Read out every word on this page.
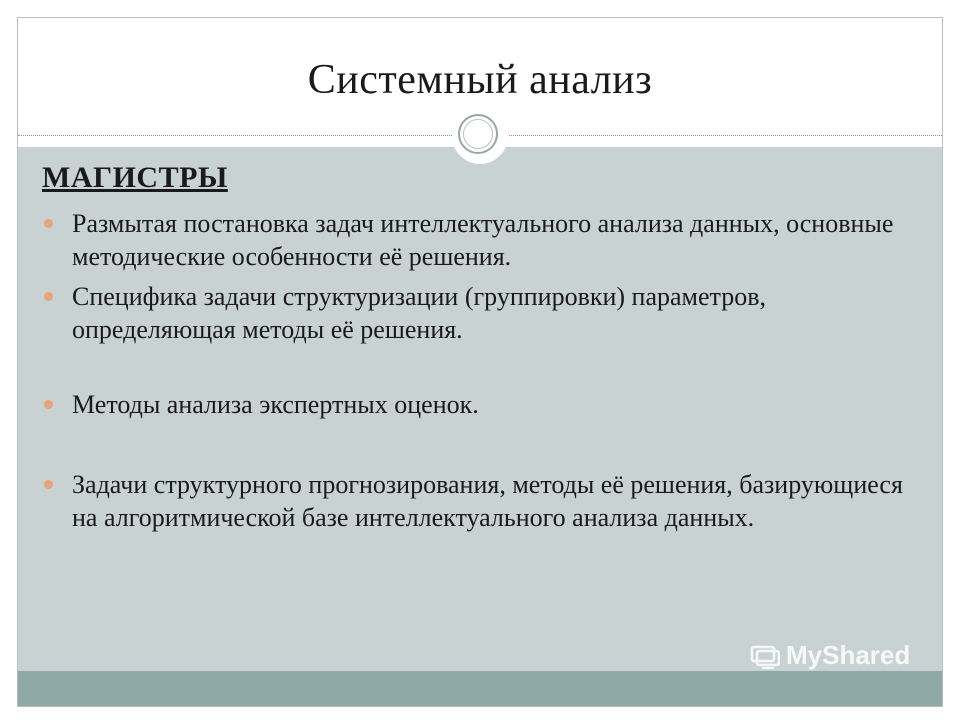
Системный анализ
МАГИСТРЫ
Размытая постановка задач интеллектуального анализа данных, основные методические особенности её решения.
Специфика задачи структуризации (группировки) параметров, определяющая методы её решения.
Методы анализа экспертных оценок.
Задачи структурного прогнозирования, методы её решения, базирующиеся на алгоритмической базе интеллектуального анализа данных.
MyShared
